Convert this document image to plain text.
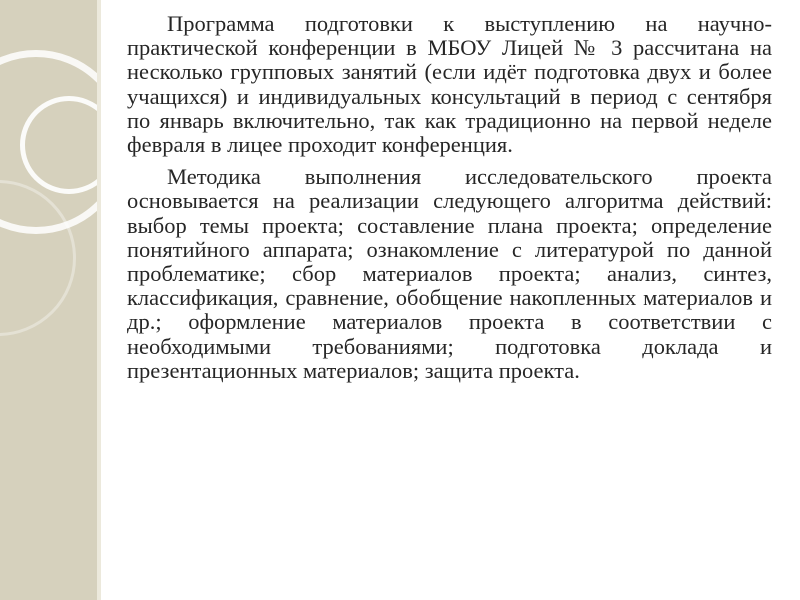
Программа подготовки к выступлению на научно-практической конференции в МБОУ Лицей № 3 рассчитана на несколько групповых занятий (если идёт подготовка двух и более учащихся) и индивидуальных консультаций в период с сентября по январь включительно, так как традиционно на первой неделе февраля в лицее проходит конференция.

Методика выполнения исследовательского проекта основывается на реализации следующего алгоритма действий: выбор темы проекта; составление плана проекта; определение понятийного аппарата; ознакомление с литературой по данной проблематике; сбор материалов проекта; анализ, синтез, классификация, сравнение, обобщение накопленных материалов и др.; оформление материалов проекта в соответствии с необходимыми требованиями; подготовка доклада и презентационных материалов; защита проекта.
